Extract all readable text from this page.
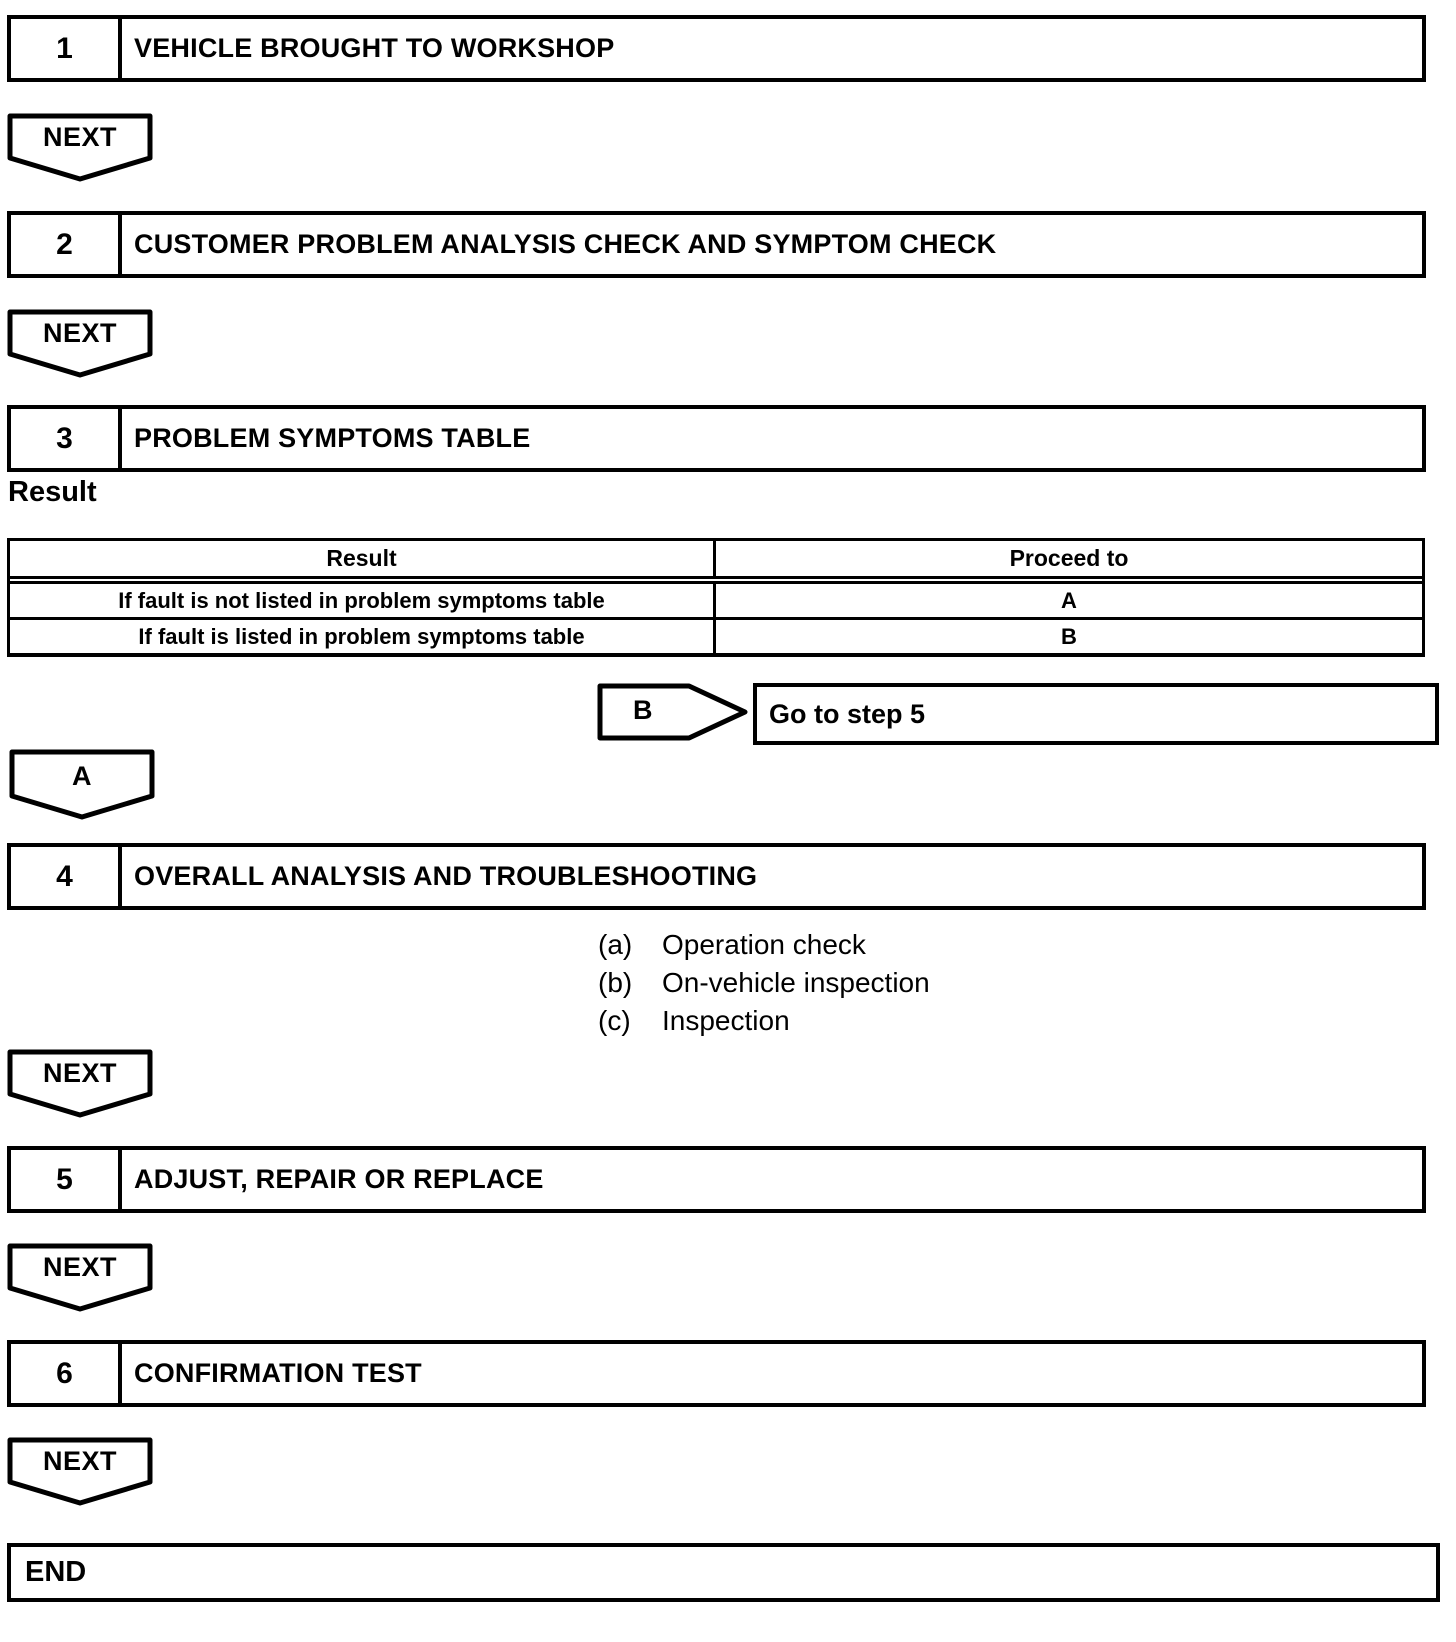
1	VEHICLE BROUGHT TO WORKSHOP
NEXT
2	CUSTOMER PROBLEM ANALYSIS CHECK AND SYMPTOM CHECK
NEXT
3	PROBLEM SYMPTOMS TABLE
Result
Result	Proceed to
If fault is not listed in problem symptoms table	A
If fault is listed in problem symptoms table	B
B	Go to step 5
A
4	OVERALL ANALYSIS AND TROUBLESHOOTING
(a)	Operation check
(b)	On-vehicle inspection
(c)	Inspection
NEXT
5	ADJUST, REPAIR OR REPLACE
NEXT
6	CONFIRMATION TEST
NEXT
END
